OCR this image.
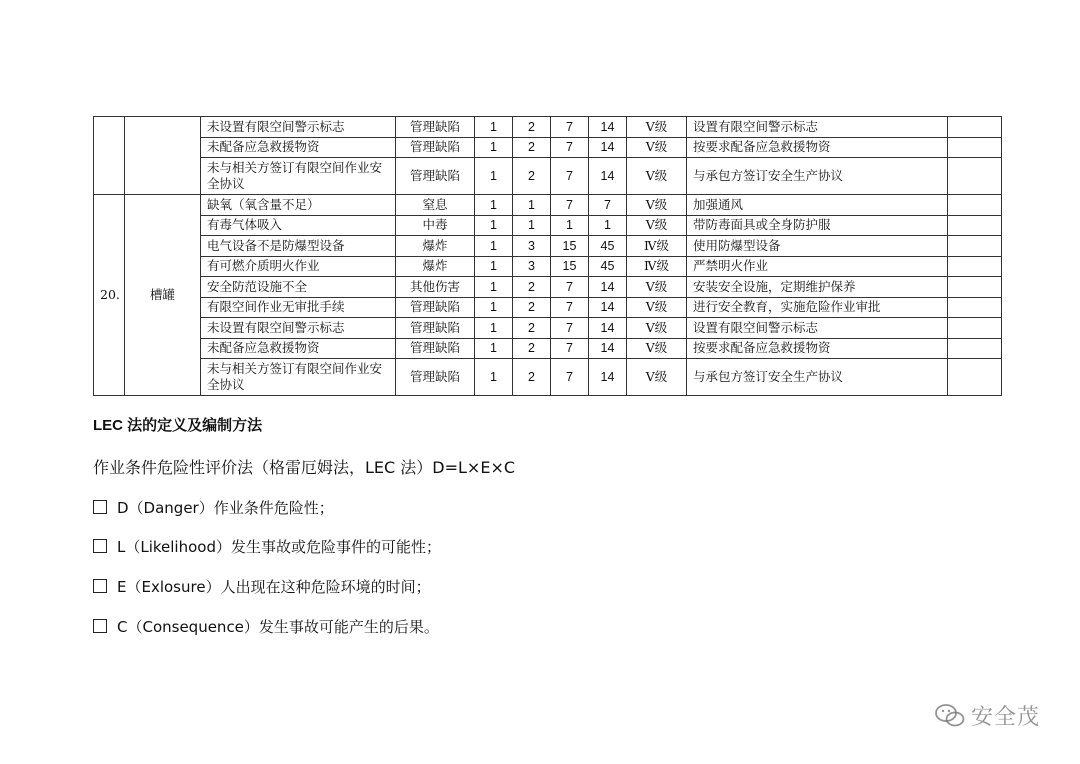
		未设置有限空间警示标志	管理缺陷	1	2	7	14	Ⅴ级	设置有限空间警示标志	
		未配备应急救援物资	管理缺陷	1	2	7	14	Ⅴ级	按要求配备应急救援物资	
		未与相关方签订有限空间作业安全协议	管理缺陷	1	2	7	14	Ⅴ级	与承包方签订安全生产协议	
20.	槽罐	缺氧（氧含量不足）	窒息	1	1	7	7	Ⅴ级	加强通风	
		有毒气体吸入	中毒	1	1	1	1	Ⅴ级	带防毒面具或全身防护服	
		电气设备不是防爆型设备	爆炸	1	3	15	45	Ⅳ级	使用防爆型设备	
		有可燃介质明火作业	爆炸	1	3	15	45	Ⅳ级	严禁明火作业	
		安全防范设施不全	其他伤害	1	2	7	14	Ⅴ级	安装安全设施，定期维护保养	
		有限空间作业无审批手续	管理缺陷	1	2	7	14	Ⅴ级	进行安全教育，实施危险作业审批	
		未设置有限空间警示标志	管理缺陷	1	2	7	14	Ⅴ级	设置有限空间警示标志	
		未配备应急救援物资	管理缺陷	1	2	7	14	Ⅴ级	按要求配备应急救援物资	
		未与相关方签订有限空间作业安全协议	管理缺陷	1	2	7	14	Ⅴ级	与承包方签订安全生产协议	
LEC 法的定义及编制方法
作业条件危险性评价法（格雷厄姆法，LEC 法）D=L×E×C
D（Danger）作业条件危险性；
L（Likelihood）发生事故或危险事件的可能性；
E（Exlosure）人出现在这种危险环境的时间；
C（Consequence）发生事故可能产生的后果。
安全茂
